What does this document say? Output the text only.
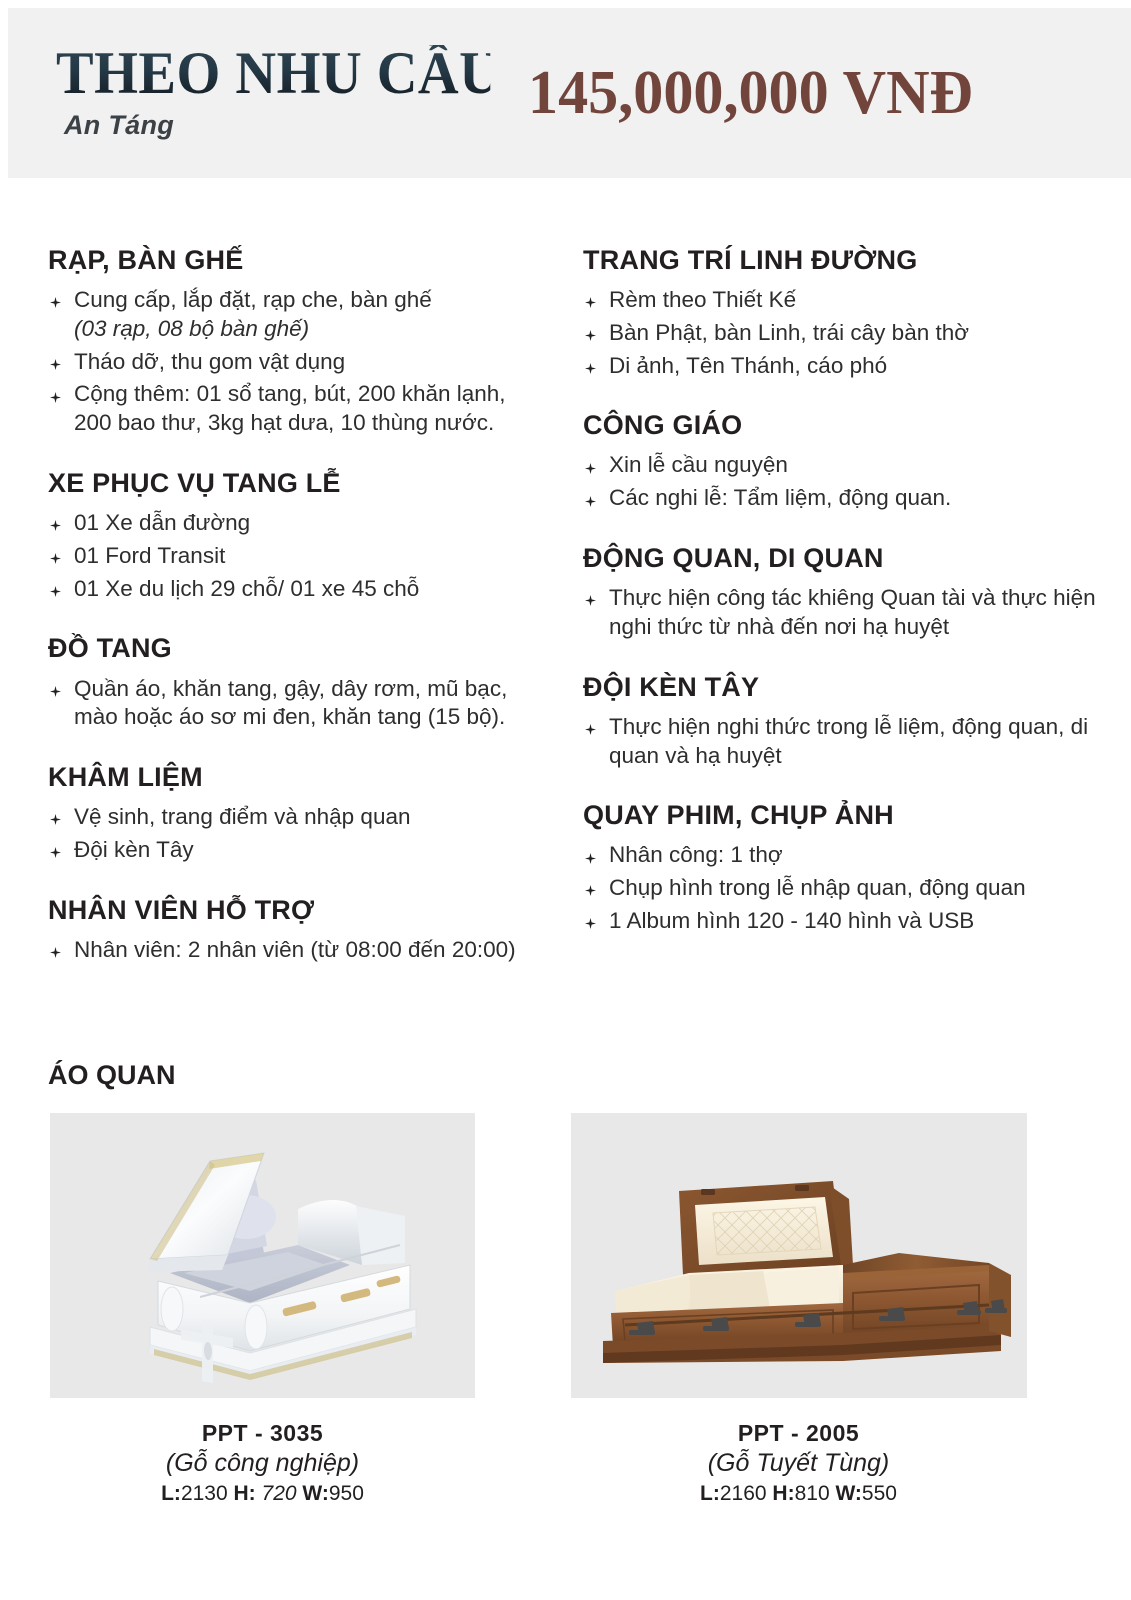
THEO NHU CẦU
An Táng	145,000,000 VNĐ
RẠP, BÀN GHẾ
Cung cấp, lắp đặt, rạp che, bàn ghế
(03 rạp, 08 bộ bàn ghế)
Tháo dỡ, thu gom vật dụng
Cộng thêm: 01 sổ tang, bút, 200 khăn lạnh, 200 bao thư, 3kg hạt dưa, 10 thùng nước.
XE PHỤC VỤ TANG LỄ
01 Xe dẫn đường
01 Ford Transit
01 Xe du lịch 29 chỗ/ 01 xe 45 chỗ
ĐỒ TANG
Quần áo, khăn tang, gậy, dây rơm, mũ bạc, mào hoặc áo sơ mi đen, khăn tang (15 bộ).
KHÂM LIỆM
Vệ sinh, trang điểm và nhập quan
Đội kèn Tây
NHÂN VIÊN HỖ TRỢ
Nhân viên: 2 nhân viên (từ 08:00 đến 20:00)
TRANG TRÍ LINH ĐƯỜNG
Rèm theo Thiết Kế
Bàn Phật, bàn Linh, trái cây bàn thờ
Di ảnh, Tên Thánh, cáo phó
CÔNG GIÁO
Xin lễ cầu nguyện
Các nghi lễ: Tẩm liệm, động quan.
ĐỘNG QUAN, DI QUAN
Thực hiện công tác khiêng Quan tài và thực hiện nghi thức từ nhà đến nơi hạ huyệt
ĐỘI KÈN TÂY
Thực hiện nghi thức trong lễ liệm, động quan, di quan và hạ huyệt
QUAY PHIM, CHỤP ẢNH
Nhân công: 1 thợ
Chụp hình trong lễ nhập quan, động quan
1 Album hình 120 - 140 hình và USB
ÁO QUAN
PPT - 3035
(Gỗ công nghiệp)
L:2130 H: 720 W:950
PPT - 2005
(Gỗ Tuyết Tùng)
L:2160 H:810 W:550
